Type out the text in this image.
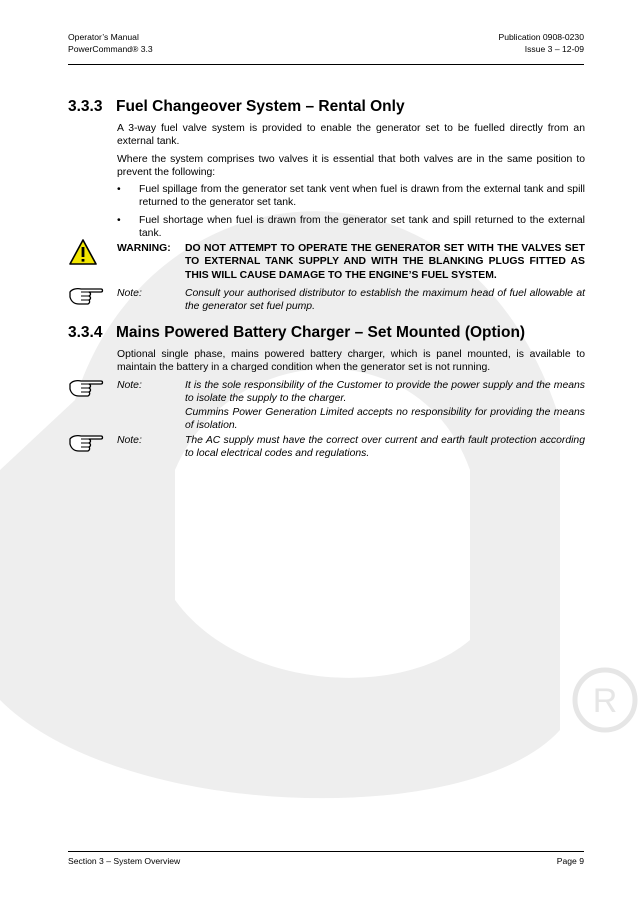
R
Operator’s Manual
PowerCommand® 3.3
Publication 0908-0230
Issue 3 – 12-09
3.3.3 Fuel Changeover System – Rental Only

A 3-way fuel valve system is provided to enable the generator set to be fuelled directly from an external tank.

Where the system comprises two valves it is essential that both valves are in the same position to prevent the following:

• Fuel spillage from the generator set tank vent when fuel is drawn from the external tank and spill returned to the generator set tank.
• Fuel shortage when fuel is drawn from the generator set tank and spill returned to the external tank.
WARNING:	DO NOT ATTEMPT TO OPERATE THE GENERATOR SET WITH THE VALVES SET TO EXTERNAL TANK SUPPLY AND WITH THE BLANKING PLUGS FITTED AS THIS WILL CAUSE DAMAGE TO THE ENGINE’S FUEL SYSTEM.
Note:	Consult your authorised distributor to establish the maximum head of fuel allowable at the generator set fuel pump.
3.3.4 Mains Powered Battery Charger – Set Mounted (Option)

Optional single phase, mains powered battery charger, which is panel mounted, is available to maintain the battery in a charged condition when the generator set is not running.

Note:	It is the sole responsibility of the Customer to provide the power supply and the means to isolate the supply to the charger.

Cummins Power Generation Limited accepts no responsibility for providing the means of isolation.

Note:	The AC supply must have the correct over current and earth fault protection according to local electrical codes and regulations.
Section 3 – System Overview	Page 9
